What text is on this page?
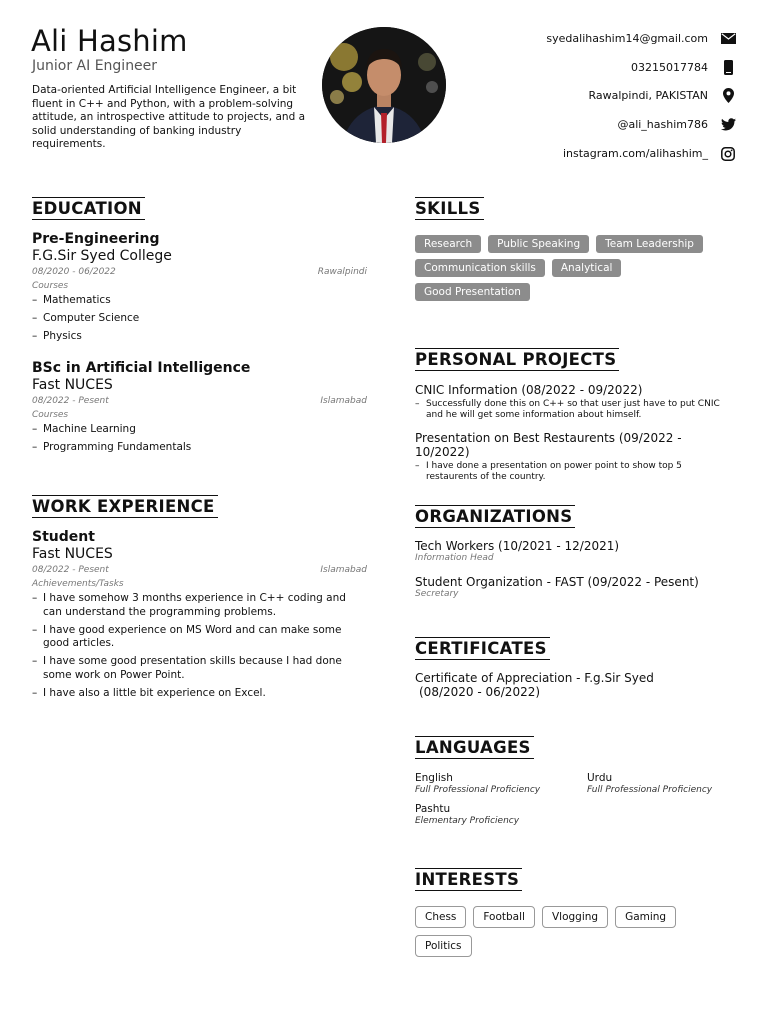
Ali Hashim
Junior AI Engineer
Data-oriented Artificial Intelligence Engineer, a bit fluent in C++ and Python, with a problem-solving attitude, an introspective attitude to projects, and a solid understanding of banking industry requirements.
syedalihashim14@gmail.com
03215017784
Rawalpindi, PAKISTAN
@ali_hashim786
instagram.com/alihashim_
EDUCATION
Pre-Engineering
F.G.Sir Syed College
08/2020 - 06/2022	Rawalpindi
Courses
– Mathematics
– Computer Science
– Physics
BSc in Artificial Intelligence
Fast NUCES
08/2022 - Pesent	Islamabad
Courses
– Machine Learning
– Programming Fundamentals
WORK EXPERIENCE
Student
Fast NUCES
08/2022 - Pesent	Islamabad
Achievements/Tasks
– I have somehow 3 months experience in C++ coding and can understand the programming problems.
– I have good experience on MS Word and can make some good articles.
– I have some good presentation skills because I had done some work on Power Point.
– I have also a little bit experience on Excel.
SKILLS
Research	Public Speaking	Team Leadership
Communication skills	Analytical
Good Presentation
PERSONAL PROJECTS
CNIC Information (08/2022 - 09/2022)
– Successfully done this on C++ so that user just have to put CNIC and he will get some information about himself.
Presentation on Best Restaurents (09/2022 - 10/2022)
– I have done a presentation on power point to show top 5 restaurents of the country.
ORGANIZATIONS
Tech Workers (10/2021 - 12/2021)
Information Head
Student Organization - FAST (09/2022 - Pesent)
Secretary
CERTIFICATES
Certificate of Appreciation - F.g.Sir Syed
(08/2020 - 06/2022)
LANGUAGES
English
Full Professional Proficiency
Urdu
Full Professional Proficiency
Pashtu
Elementary Proficiency
INTERESTS
Chess	Football	Vlogging	Gaming
Politics
